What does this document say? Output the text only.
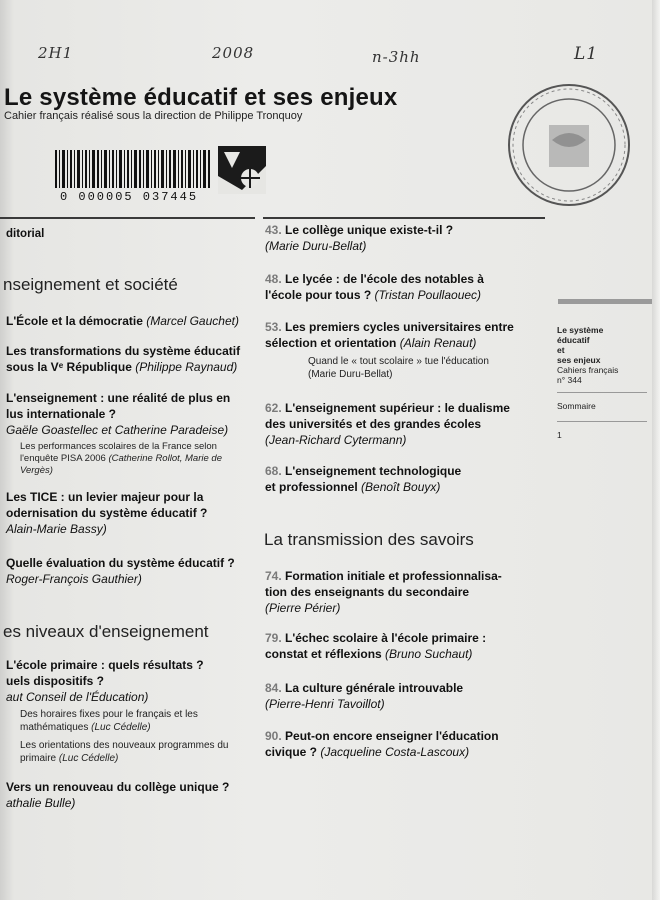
2H1	2008	n-3hh	L1
Le système éducatif et ses enjeux
Cahier français réalisé sous la direction de Philippe Tronquoy
0 000005 037445
ditorial
nseignement et société
L'École et la démocratie (Marcel Gauchet)
Les transformations du système éducatif
sous la Vᵉ République (Philippe Raynaud)
L'enseignement : une réalité de plus en
lus internationale ?
Gaële Goastellec et Catherine Paradeise)
Les performances scolaires de la France selon l'enquête PISA 2006 (Catherine Rollot, Marie de Vergès)
Les TICE : un levier majeur pour la
odernisation du système éducatif ?
Alain-Marie Bassy)
Quelle évaluation du système éducatif ?
Roger-François Gauthier)
es niveaux d'enseignement
L'école primaire : quels résultats ?
uels dispositifs ?
aut Conseil de l'Éducation)
Des horaires fixes pour le français et les mathématiques (Luc Cédelle)
Les orientations des nouveaux programmes du primaire (Luc Cédelle)
Vers un renouveau du collège unique ?
athalie Bulle)
43. Le collège unique existe-t-il ?
(Marie Duru-Bellat)
48. Le lycée : de l'école des notables à
l'école pour tous ? (Tristan Poullaouec)
53. Les premiers cycles universitaires entre
sélection et orientation (Alain Renaut)
Quand le « tout scolaire » tue l'éducation
(Marie Duru-Bellat)
62. L'enseignement supérieur : le dualisme
des universités et des grandes écoles
(Jean-Richard Cytermann)
68. L'enseignement technologique
et professionnel (Benoît Bouyx)
La transmission des savoirs
74. Formation initiale et professionnalisa-
tion des enseignants du secondaire
(Pierre Périer)
79. L'échec scolaire à l'école primaire :
constat et réflexions (Bruno Suchaut)
84. La culture générale introuvable
(Pierre-Henri Tavoillot)
90. Peut-on encore enseigner l'éducation
civique ? (Jacqueline Costa-Lascoux)
Le système
éducatif
et
ses enjeux
Cahiers français
n° 344
Sommaire
1
